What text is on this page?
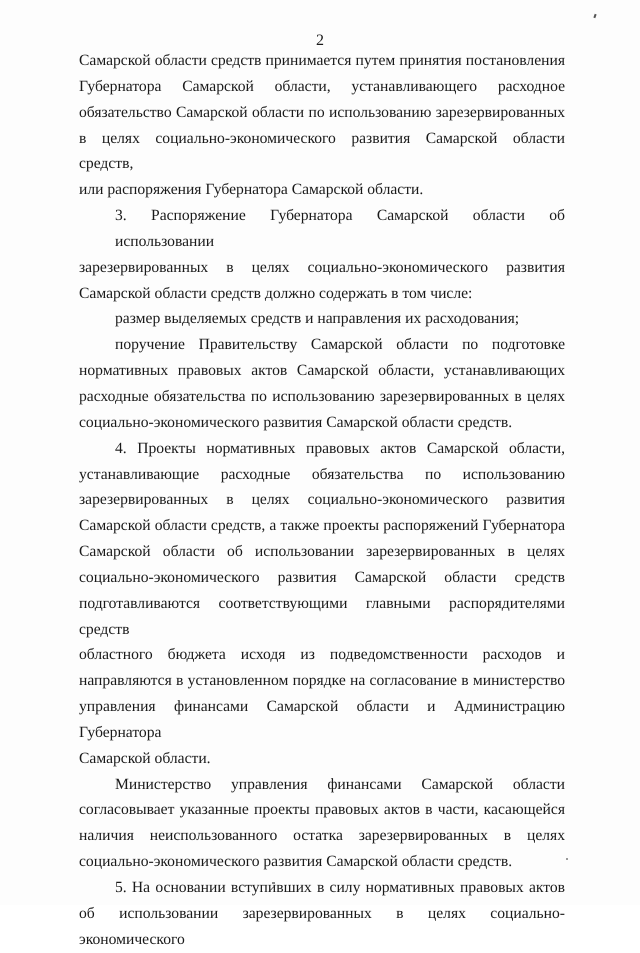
2

Самарской области средств принимается путем принятия постановления
Губернатора Самарской области, устанавливающего расходное
обязательство Самарской области по использованию зарезервированных
в целях социально-экономического развития Самарской области средств,
или распоряжения Губернатора Самарской области.

3. Распоряжение Губернатора Самарской области об использовании
зарезервированных в целях социально-экономического развития
Самарской области средств должно содержать в том числе:

размер выделяемых средств и направления их расходования;

поручение Правительству Самарской области по подготовке
нормативных правовых актов Самарской области, устанавливающих
расходные обязательства по использованию зарезервированных в целях
социально-экономического развития Самарской области средств.

4. Проекты нормативных правовых актов Самарской области,
устанавливающие расходные обязательства по использованию
зарезервированных в целях социально-экономического развития
Самарской области средств, а также проекты распоряжений Губернатора
Самарской области об использовании зарезервированных в целях
социально-экономического развития Самарской области средств
подготавливаются соответствующими главными распорядителями средств
областного бюджета исходя из подведомственности расходов и
направляются в установленном порядке на согласование в министерство
управления финансами Самарской области и Администрацию Губернатора
Самарской области.

Министерство управления финансами Самарской области
согласовывает указанные проекты правовых актов в части, касающейся
наличия неиспользованного остатка зарезервированных в целях
социально-экономического развития Самарской области средств.

5. На основании вступивших в силу нормативных правовых актов
об использовании зарезервированных в целях социально-экономического
